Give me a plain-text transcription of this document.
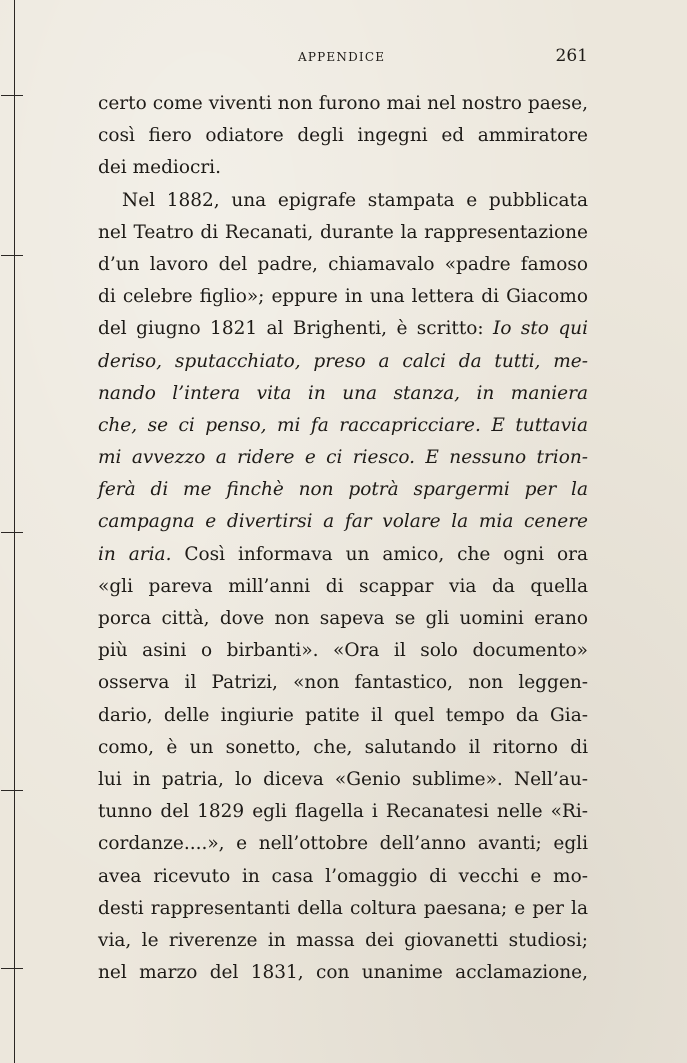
APPENDICE	261
certo come viventi non furono mai nel nostro paese,
così fiero odiatore degli ingegni ed ammiratore
dei mediocri.
Nel 1882, una epigrafe stampata e pubblicata
nel Teatro di Recanati, durante la rappresentazione
d’un lavoro del padre, chiamavalo «padre famoso
di celebre figlio»; eppure in una lettera di Giacomo
del giugno 1821 al Brighenti, è scritto: Io sto qui
deriso, sputacchiato, preso a calci da tutti, me-
nando l’intera vita in una stanza, in maniera
che, se ci penso, mi fa raccapricciare. E tuttavia
mi avvezzo a ridere e ci riesco. E nessuno trion-
ferà di me finchè non potrà spargermi per la
campagna e divertirsi a far volare la mia cenere
in aria. Così informava un amico, che ogni ora
«gli pareva mill’anni di scappar via da quella
porca città, dove non sapeva se gli uomini erano
più asini o birbanti». «Ora il solo documento»
osserva il Patrizi, «non fantastico, non leggen-
dario, delle ingiurie patite il quel tempo da Gia-
como, è un sonetto, che, salutando il ritorno di
lui in patria, lo diceva «Genio sublime». Nell’au-
tunno del 1829 egli flagella i Recanatesi nelle «Ri-
cordanze....», e nell’ottobre dell’anno avanti; egli
avea ricevuto in casa l’omaggio di vecchi e mo-
desti rappresentanti della coltura paesana; e per la
via, le riverenze in massa dei giovanetti studiosi;
nel marzo del 1831, con unanime acclamazione,
